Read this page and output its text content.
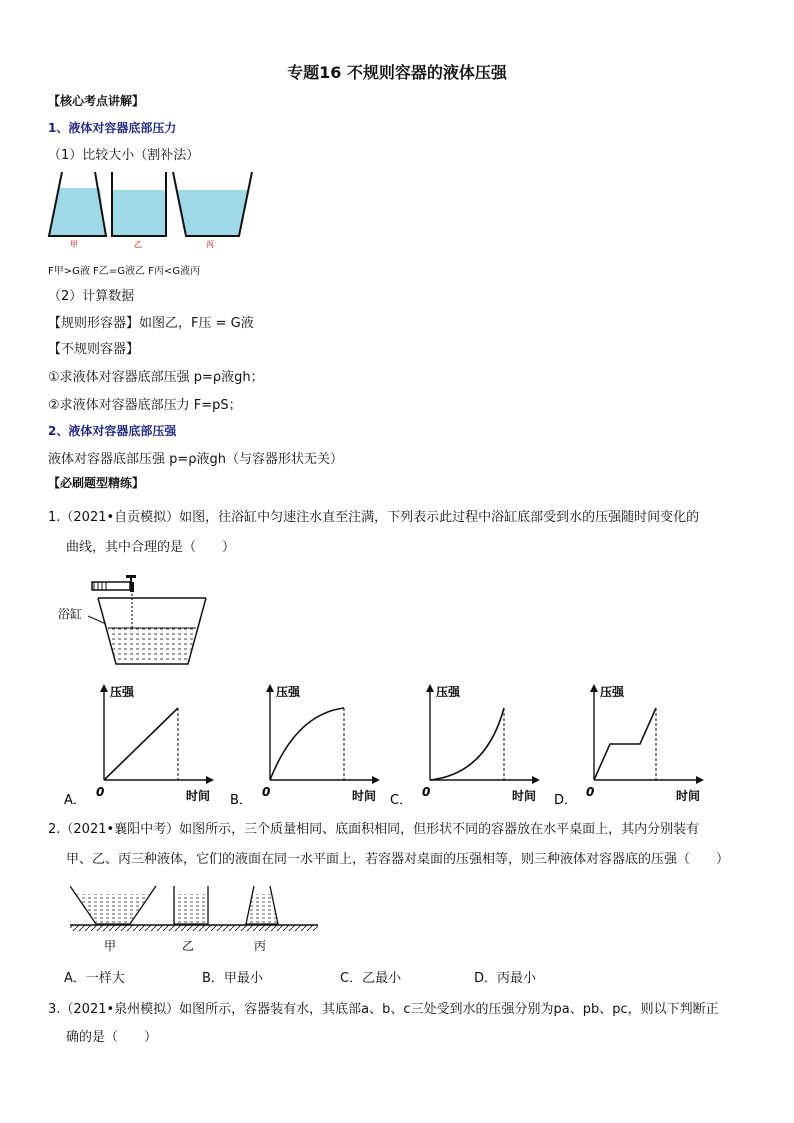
专题16 不规则容器的液体压强
【核心考点讲解】
1、液体对容器底部压力
（1）比较大小（割补法）
甲	乙	丙
F甲>G液 F乙=G液乙 F丙<G液丙
（2）计算数据
【规则形容器】如图乙，F压 = G液
【不规则容器】
①求液体对容器底部压强 p=ρ液gh；
②求液体对容器底部压力 F=pS；
2、液体对容器底部压强
液体对容器底部压强 p=ρ液gh（与容器形状无关）
【必刷题型精练】
1.（2021•自贡模拟）如图，往浴缸中匀速注水直至注满，下列表示此过程中浴缸底部受到水的压强随时间变化的
曲线，其中合理的是（　　）
浴缸
压强
时间
0
A．
压强
时间
0
B．
压强
时间
0
C．
压强
时间
0
D．
2.（2021•襄阳中考）如图所示，三个质量相同、底面积相同，但形状不同的容器放在水平桌面上，其内分别装有
甲、乙、丙三种液体，它们的液面在同一水平面上，若容器对桌面的压强相等，则三种液体对容器底的压强（　　）
甲	乙	丙
A．一样大	B．甲最小	C．乙最小	D．丙最小
3.（2021•泉州模拟）如图所示，容器装有水，其底部a、b、c三处受到水的压强分别为pa、pb、pc，则以下判断正
确的是（　　）
